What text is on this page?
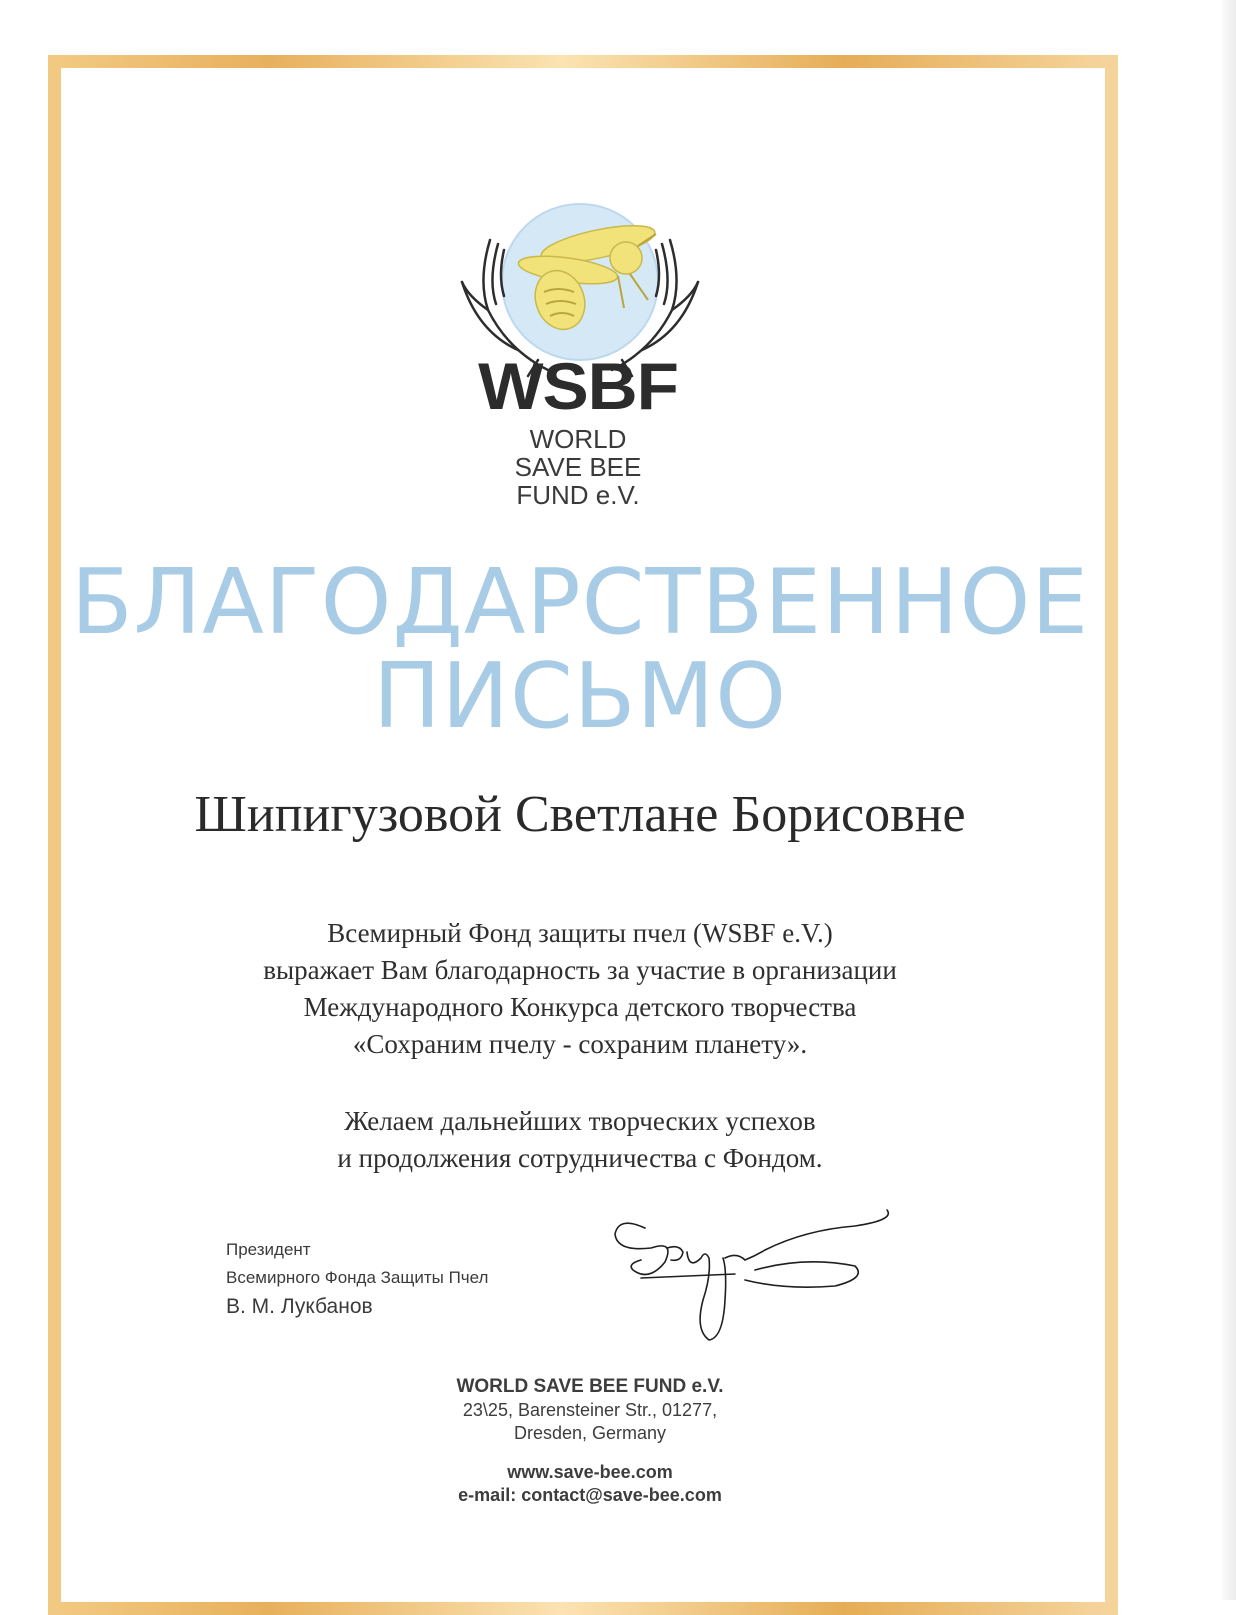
WSBF
WORLD
SAVE BEE
FUND e.V.
БЛАГОДАРСТВЕННОЕ
ПИСЬМО
Шипигузовой Светлане Борисовне
Всемирный Фонд защиты пчел (WSBF e.V.)
выражает Вам благодарность за участие в организации
Международного Конкурса детского творчества
«Сохраним пчелу - сохраним планету».
Желаем дальнейших творческих успехов
и продолжения сотрудничества с Фондом.
Президент
Всемирного Фонда Защиты Пчел
В. М. Лукбанов
WORLD SAVE BEE FUND e.V.
23\25, Barensteiner Str., 01277,
Dresden, Germany
www.save-bee.com
e-mail: contact@save-bee.com
